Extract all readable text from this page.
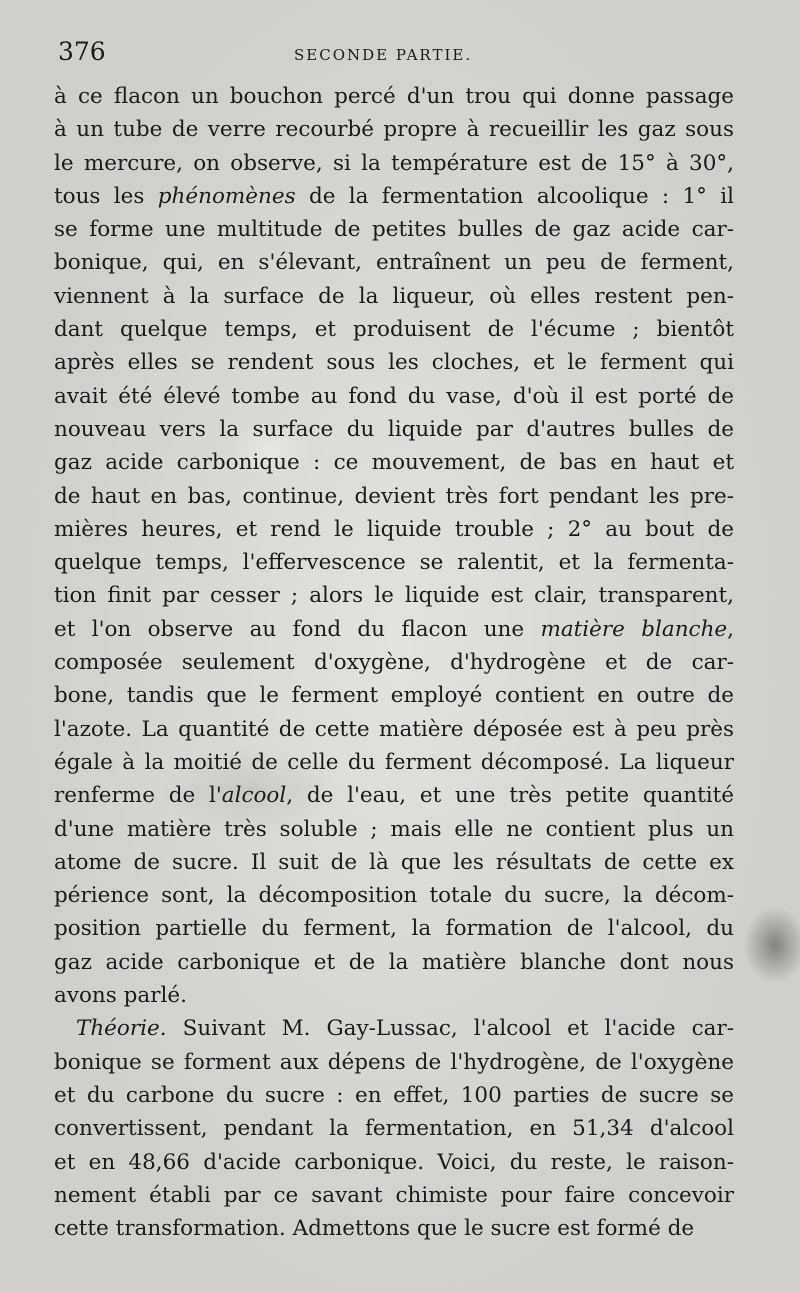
376	SECONDE PARTIE.
à ce flacon un bouchon percé d'un trou qui donne passage
à un tube de verre recourbé propre à recueillir les gaz sous
le mercure, on observe, si la température est de 15° à 30°,
tous les phénomènes de la fermentation alcoolique : 1° il
se forme une multitude de petites bulles de gaz acide car-
bonique, qui, en s'élevant, entraînent un peu de ferment,
viennent à la surface de la liqueur, où elles restent pen-
dant quelque temps, et produisent de l'écume ; bientôt
après elles se rendent sous les cloches, et le ferment qui
avait été élevé tombe au fond du vase, d'où il est porté de
nouveau vers la surface du liquide par d'autres bulles de
gaz acide carbonique : ce mouvement, de bas en haut et
de haut en bas, continue, devient très fort pendant les pre-
mières heures, et rend le liquide trouble ; 2° au bout de
quelque temps, l'effervescence se ralentit, et la fermenta-
tion finit par cesser ; alors le liquide est clair, transparent,
et l'on observe au fond du flacon une matière blanche,
composée seulement d'oxygène, d'hydrogène et de car-
bone, tandis que le ferment employé contient en outre de
l'azote. La quantité de cette matière déposée est à peu près
égale à la moitié de celle du ferment décomposé. La liqueur
renferme de l'alcool, de l'eau, et une très petite quantité
d'une matière très soluble ; mais elle ne contient plus un
atome de sucre. Il suit de là que les résultats de cette ex
périence sont, la décomposition totale du sucre, la décom-
position partielle du ferment, la formation de l'alcool, du
gaz acide carbonique et de la matière blanche dont nous
avons parlé.
Théorie. Suivant M. Gay-Lussac, l'alcool et l'acide car-
bonique se forment aux dépens de l'hydrogène, de l'oxygène
et du carbone du sucre : en effet, 100 parties de sucre se
convertissent, pendant la fermentation, en 51,34 d'alcool
et en 48,66 d'acide carbonique. Voici, du reste, le raison-
nement établi par ce savant chimiste pour faire concevoir
cette transformation. Admettons que le sucre est formé de
